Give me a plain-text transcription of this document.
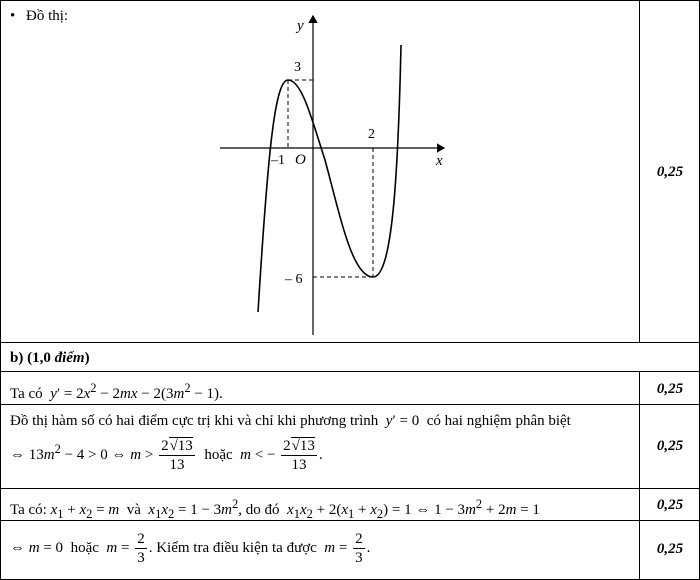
• Đồ thị:
0,25
y
x
O
3
– 6
–1
2
b) (1,0 điểm)
Ta có $y' = 2x^2 - 2mx - 2(3m^2 - 1)$.	0,25
Đồ thị hàm số có hai điểm cực trị khi và chỉ khi phương trình y′ = 0  có hai nghiệm phân biệt
⇔ $13m^2 - 4 > 0$ ⇔ $m > \frac{2√13}{13}$ hoặc m < − $\frac{2√13}{13}$ .
0,25
Ta có: $x_1 + x_2 = m$ và $x_1x_2 = 1 - 3m^2$, do đó $x_1x_2 + 2(x_1 + x_2) = 1$ ⇔ $1 - 3m^2 + 2m = 1$	0,25
⇔ m = 0  hoặc $m = \frac{2}{3}$ . Kiểm tra điều kiện ta được $m = \frac{2}{3}$ .	0,25
